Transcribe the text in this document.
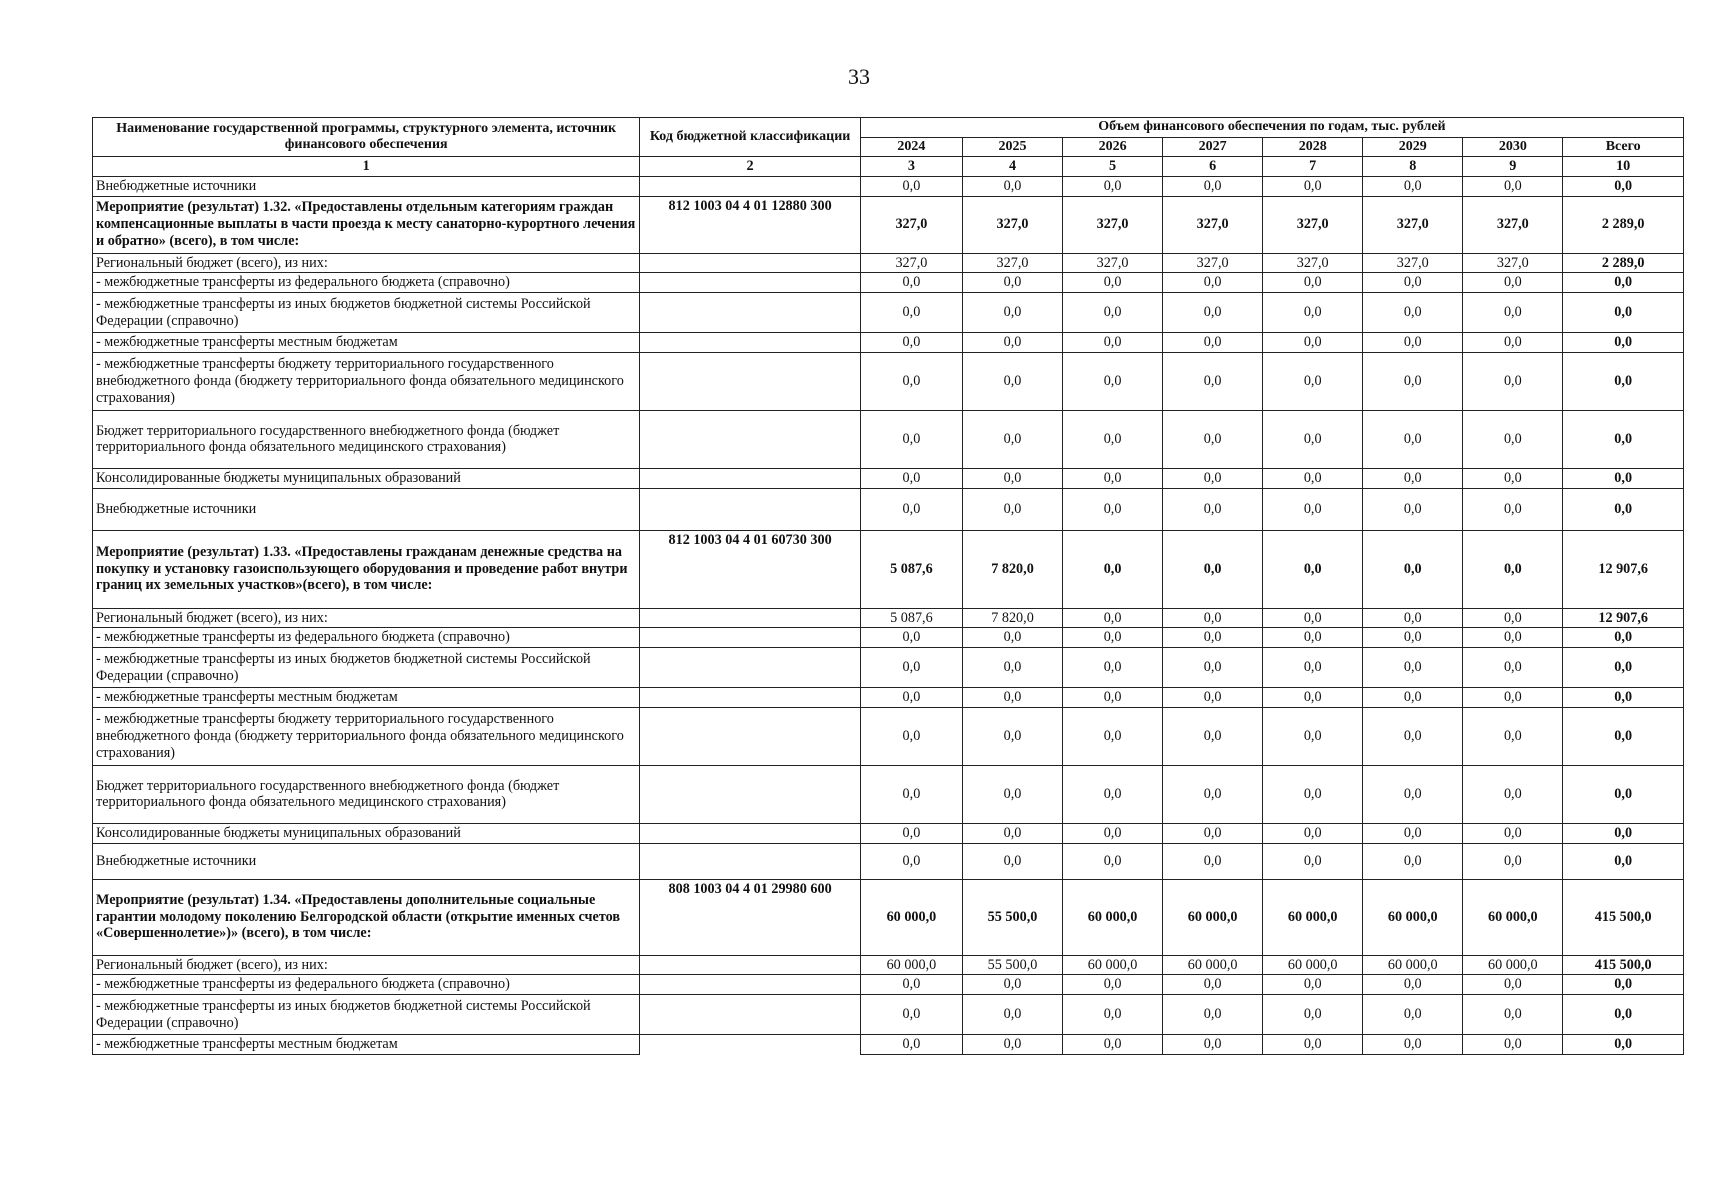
33
Наименование государственной программы, структурного элемента, источник финансового обеспечения	Код бюджетной классификации	Объем финансового обеспечения по годам, тыс. рублей							
		2024	2025	2026	2027	2028	2029	2030	Всего
1	2	3	4	5	6	7	8	9	10
Внебюджетные источники		0,0	0,0	0,0	0,0	0,0	0,0	0,0	0,0
Мероприятие (результат) 1.32. «Предоставлены отдельным категориям граждан компенсационные выплаты в части проезда к месту санаторно-курортного лечения и обратно» (всего), в том числе:	812 1003 04 4 01 12880 300	327,0	327,0	327,0	327,0	327,0	327,0	327,0	2 289,0
Региональный бюджет (всего), из них:		327,0	327,0	327,0	327,0	327,0	327,0	327,0	2 289,0
- межбюджетные трансферты из федерального бюджета (справочно)		0,0	0,0	0,0	0,0	0,0	0,0	0,0	0,0
- межбюджетные трансферты из иных бюджетов бюджетной системы Российской Федерации (справочно)		0,0	0,0	0,0	0,0	0,0	0,0	0,0	0,0
- межбюджетные трансферты местным бюджетам		0,0	0,0	0,0	0,0	0,0	0,0	0,0	0,0
- межбюджетные трансферты бюджету территориального государственного внебюджетного фонда (бюджету территориального фонда обязательного медицинского страхования)		0,0	0,0	0,0	0,0	0,0	0,0	0,0	0,0
Бюджет территориального государственного внебюджетного фонда (бюджет территориального фонда обязательного медицинского страхования)		0,0	0,0	0,0	0,0	0,0	0,0	0,0	0,0
Консолидированные бюджеты муниципальных образований		0,0	0,0	0,0	0,0	0,0	0,0	0,0	0,0
Внебюджетные источники		0,0	0,0	0,0	0,0	0,0	0,0	0,0	0,0
Мероприятие (результат) 1.33. «Предоставлены гражданам денежные средства на покупку и установку газоиспользующего оборудования и проведение работ внутри границ их земельных участков»(всего), в том числе:	812 1003 04 4 01 60730 300	5 087,6	7 820,0	0,0	0,0	0,0	0,0	0,0	12 907,6
Региональный бюджет (всего), из них:		5 087,6	7 820,0	0,0	0,0	0,0	0,0	0,0	12 907,6
- межбюджетные трансферты из федерального бюджета (справочно)		0,0	0,0	0,0	0,0	0,0	0,0	0,0	0,0
- межбюджетные трансферты из иных бюджетов бюджетной системы Российской Федерации (справочно)		0,0	0,0	0,0	0,0	0,0	0,0	0,0	0,0
- межбюджетные трансферты местным бюджетам		0,0	0,0	0,0	0,0	0,0	0,0	0,0	0,0
- межбюджетные трансферты бюджету территориального государственного внебюджетного фонда (бюджету территориального фонда обязательного медицинского страхования)		0,0	0,0	0,0	0,0	0,0	0,0	0,0	0,0
Бюджет территориального государственного внебюджетного фонда (бюджет территориального фонда обязательного медицинского страхования)		0,0	0,0	0,0	0,0	0,0	0,0	0,0	0,0
Консолидированные бюджеты муниципальных образований		0,0	0,0	0,0	0,0	0,0	0,0	0,0	0,0
Внебюджетные источники		0,0	0,0	0,0	0,0	0,0	0,0	0,0	0,0
Мероприятие (результат) 1.34. «Предоставлены дополнительные социальные гарантии молодому поколению Белгородской области (открытие именных счетов «Совершеннолетие»)» (всего), в том числе:	808 1003 04 4 01 29980 600	60 000,0	55 500,0	60 000,0	60 000,0	60 000,0	60 000,0	60 000,0	415 500,0
Региональный бюджет (всего), из них:		60 000,0	55 500,0	60 000,0	60 000,0	60 000,0	60 000,0	60 000,0	415 500,0
- межбюджетные трансферты из федерального бюджета (справочно)		0,0	0,0	0,0	0,0	0,0	0,0	0,0	0,0
- межбюджетные трансферты из иных бюджетов бюджетной системы Российской Федерации (справочно)		0,0	0,0	0,0	0,0	0,0	0,0	0,0	0,0
- межбюджетные трансферты местным бюджетам		0,0	0,0	0,0	0,0	0,0	0,0	0,0	0,0
